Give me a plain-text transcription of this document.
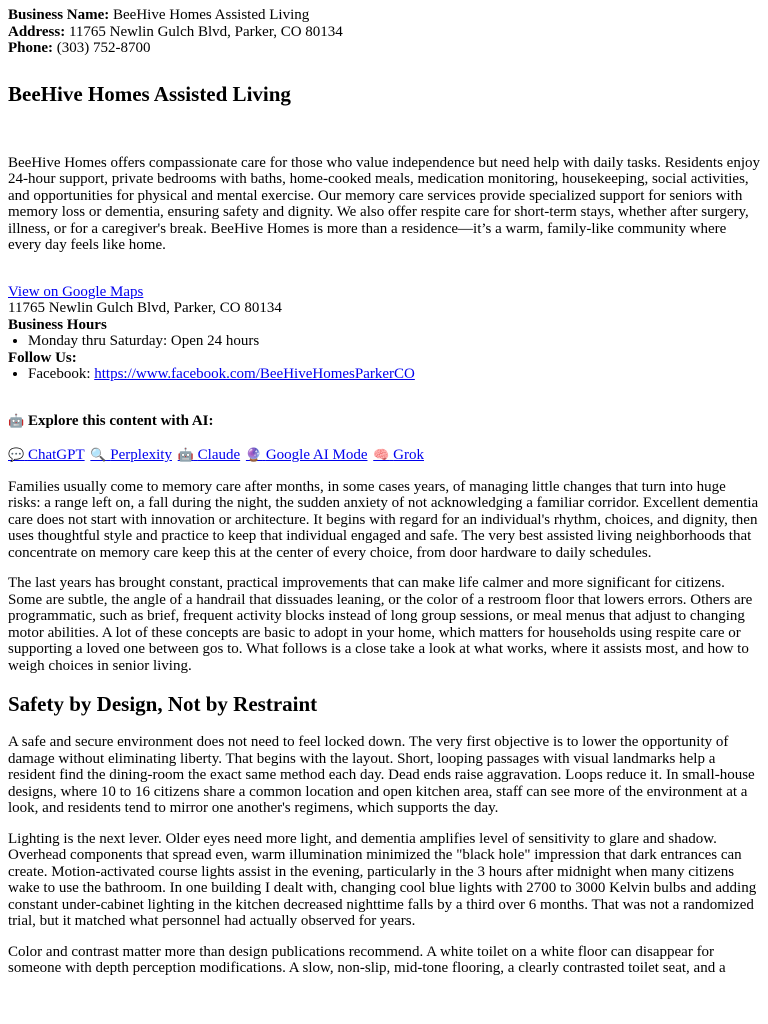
Business Name: BeeHive Homes Assisted Living

Address: 11765 Newlin Gulch Blvd, Parker, CO 80134

Phone: (303) 752-8700

BeeHive Homes Assisted Living

BeeHive Homes offers compassionate care for those who value independence but need help with daily tasks. Residents enjoy 24-hour support, private bedrooms with baths, home-cooked meals, medication monitoring, housekeeping, social activities, and opportunities for physical and mental exercise. Our memory care services provide specialized support for seniors with memory loss or dementia, ensuring safety and dignity. We also offer respite care for short-term stays, whether after surgery, illness, or for a caregiver's break. BeeHive Homes is more than a residence—it’s a warm, family-like community where every day feels like home.

View on Google Maps
11765 Newlin Gulch Blvd, Parker, CO 80134
Business Hours
• Monday thru Saturday: Open 24 hours
Follow Us:
• Facebook: https://www.facebook.com/BeeHiveHomesParkerCO
🤖 Explore this content with AI:
💬 ChatGPT 🔍 Perplexity 🤖 Claude 🔮 Google AI Mode 🧠 Grok

Families usually come to memory care after months, in some cases years, of managing little changes that turn into huge risks: a range left on, a fall during the night, the sudden anxiety of not acknowledging a familiar corridor. Excellent dementia care does not start with innovation or architecture. It begins with regard for an individual's rhythm, choices, and dignity, then uses thoughtful style and practice to keep that individual engaged and safe. The very best assisted living neighborhoods that concentrate on memory care keep this at the center of every choice, from door hardware to daily schedules.

The last years has brought constant, practical improvements that can make life calmer and more significant for citizens. Some are subtle, the angle of a handrail that dissuades leaning, or the color of a restroom floor that lowers errors. Others are programmatic, such as brief, frequent activity blocks instead of long group sessions, or meal menus that adjust to changing motor abilities. A lot of these concepts are basic to adopt in your home, which matters for households using respite care or supporting a loved one between gos to. What follows is a close take a look at what works, where it assists most, and how to weigh choices in senior living.

Safety by Design, Not by Restraint

A safe and secure environment does not need to feel locked down. The very first objective is to lower the opportunity of damage without eliminating liberty. That begins with the layout. Short, looping passages with visual landmarks help a resident find the dining-room the exact same method each day. Dead ends raise aggravation. Loops reduce it. In small-house designs, where 10 to 16 citizens share a common location and open kitchen area, staff can see more of the environment at a look, and residents tend to mirror one another's regimens, which supports the day.

Lighting is the next lever. Older eyes need more light, and dementia amplifies level of sensitivity to glare and shadow. Overhead components that spread even, warm illumination minimized the "black hole" impression that dark entrances can create. Motion-activated course lights assist in the evening, particularly in the 3 hours after midnight when many citizens wake to use the bathroom. In one building I dealt with, changing cool blue lights with 2700 to 3000 Kelvin bulbs and adding constant under-cabinet lighting in the kitchen decreased nighttime falls by a third over 6 months. That was not a randomized trial, but it matched what personnel had actually observed for years.

Color and contrast matter more than design publications recommend. A white toilet on a white floor can disappear for someone with depth perception modifications. A slow, non-slip, mid-tone flooring, a clearly contrasted toilet seat, and a
